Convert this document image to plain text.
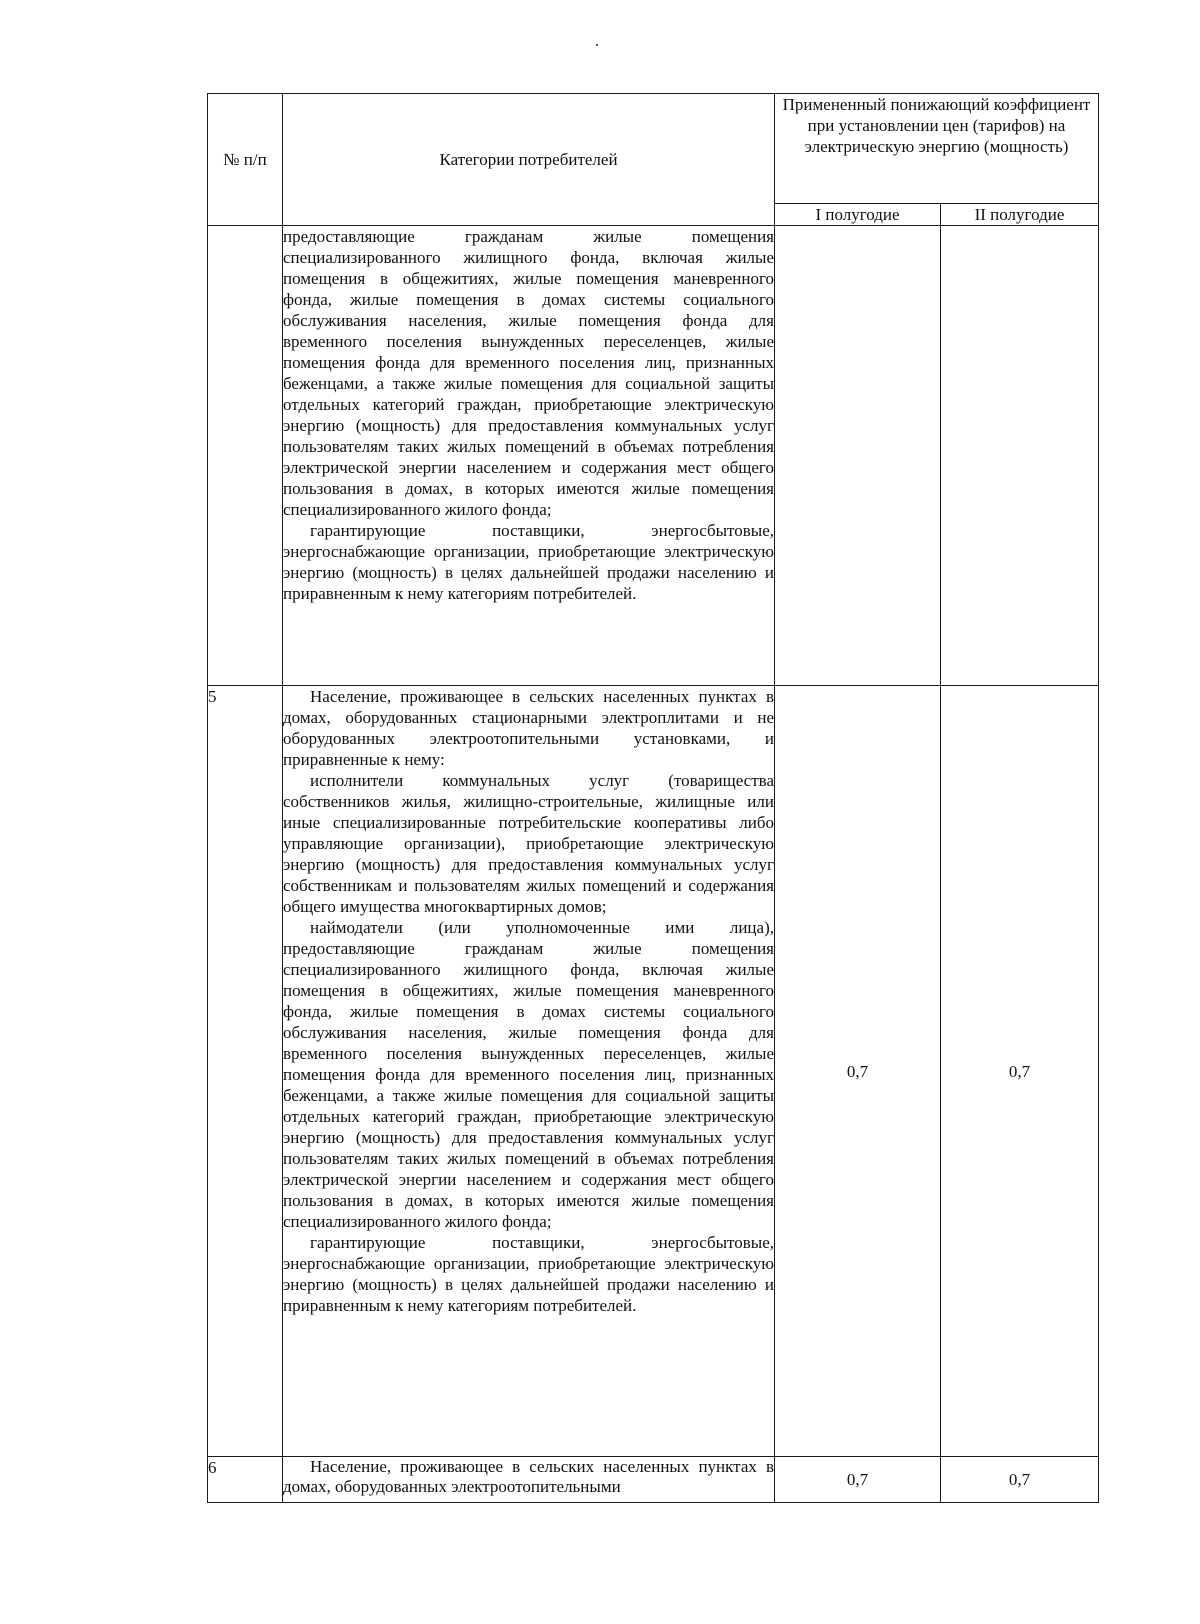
№ п/п	Категории потребителей	Примененный понижающий коэффициент при установлении цен (тарифов) на электрическую энергию (мощность)	
		I полугодие	II полугодие

	предоставляющие гражданам жилые помещения специализированного жилищного фонда, включая жилые помещения в общежитиях, жилые помещения маневренного фонда, жилые помещения в домах системы социального обслуживания населения, жилые помещения фонда для временного поселения вынужденных переселенцев, жилые помещения фонда для временного поселения лиц, признанных беженцами, а также жилые помещения для социальной защиты отдельных категорий граждан, приобретающие электрическую энергию (мощность) для предоставления коммунальных услуг пользователям таких жилых помещений в объемах потребления электрической энергии населением и содержания мест общего пользования в домах, в которых имеются жилые помещения специализированного жилого фонда;

гарантирующие поставщики, энергосбытовые, энергоснабжающие организации, приобретающие электрическую энергию (мощность) в целях дальнейшей продажи населению и приравненным к нему категориям потребителей.		

5	Население, проживающее в сельских населенных пунктах в домах, оборудованных стационарными электроплитами и не оборудованных электроотопительными установками, и приравненные к нему:

исполнители коммунальных услуг (товарищества собственников жилья, жилищно-строительные, жилищные или иные специализированные потребительские кооперативы либо управляющие организации), приобретающие электрическую энергию (мощность) для предоставления коммунальных услуг собственникам и пользователям жилых помещений и содержания общего имущества многоквартирных домов;

наймодатели (или уполномоченные ими лица), предоставляющие гражданам жилые помещения специализированного жилищного фонда, включая жилые помещения в общежитиях, жилые помещения маневренного фонда, жилые помещения в домах системы социального обслуживания населения, жилые помещения фонда для временного поселения вынужденных переселенцев, жилые помещения фонда для временного поселения лиц, признанных беженцами, а также жилые помещения для социальной защиты отдельных категорий граждан, приобретающие электрическую энергию (мощность) для предоставления коммунальных услуг пользователям таких жилых помещений в объемах потребления электрической энергии населением и содержания мест общего пользования в домах, в которых имеются жилые помещения специализированного жилого фонда;

гарантирующие поставщики, энергосбытовые, энергоснабжающие организации, приобретающие электрическую энергию (мощность) в целях дальнейшей продажи населению и приравненным к нему категориям потребителей.	0,7	0,7
6	Население, проживающее в сельских населенных пунктах в домах, оборудованных электроотопительными	0,7	0,7
